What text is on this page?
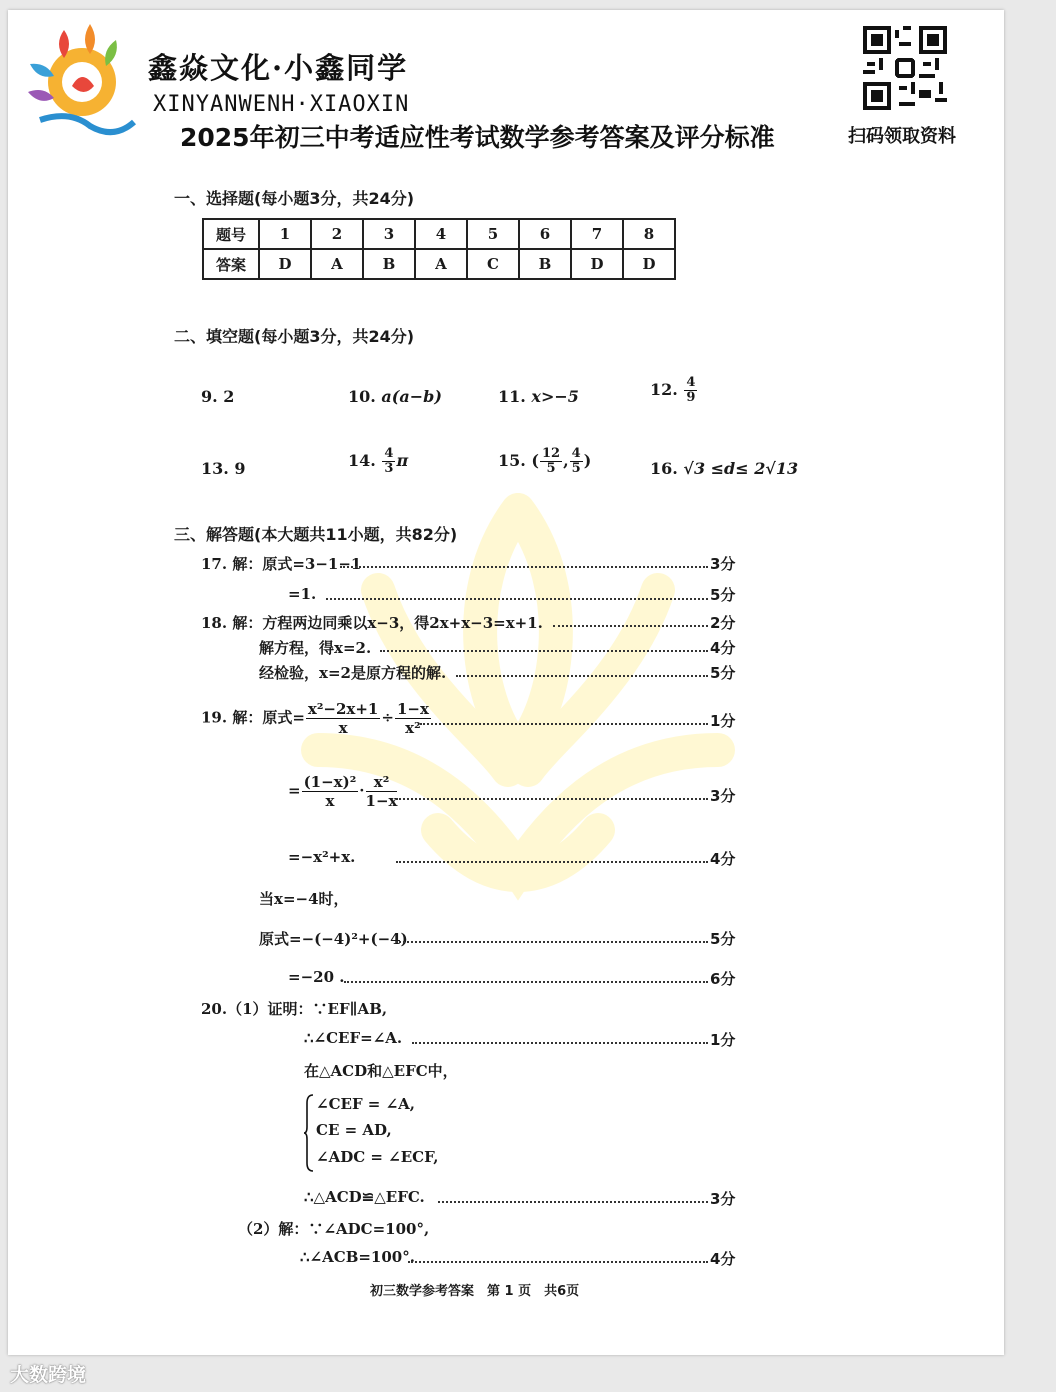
鑫焱文化·小鑫同学
XINYANWENH·XIAOXIN
2025年初三中考适应性考试数学参考答案及评分标准	扫码领取资料
一、选择题(每小题3分，共24分)
题号	1	2	3	4	5	6	7	8
答案	D	A	B	A	C	B	D	D
二、填空题(每小题3分，共24分)
9. 2	10. a(a−b)	11. x>−5	12. $\frac{4}{9}$
13. 9	14. $\frac{4}{3}$ π	15. ( $\frac{12}{5}$ , $\frac{4}{5}$ )	16. √3 ≤d≤ 2√13
三、解答题(本大题共11小题，共82分)
17. 解：原式=3−1−1	3分
=1.	5分
18. 解：方程两边同乘以x−3，得2x+x−3=x+1.	2分
解方程，得x=2.	4分
经检验，x=2是原方程的解.	5分
19. 解：原式= $\frac{\text{x²−2x+1}}{x} \div \frac{1-x}{\text{x²}}$	1分
= $\frac{\text{(1−x)²}}{x} \cdot \frac{\text{x²}}{1-x}$	3分
=−x²+x.	4分
当x=−4时，
原式=−(−4)²+(−4)	5分
=−20 .	6分
20.（1）证明：∵EF∥AB,
∴∠CEF=∠A.	1分
在△ACD和△EFC中，
∠CEF = ∠A,
CE = AD,
∠ADC = ∠ECF,
∴△ACD≌△EFC.	3分
（2）解：∵∠ADC=100°,
∴∠ACB=100°.	4分
初三数学参考答案　第 1 页　共6页
大数跨境
